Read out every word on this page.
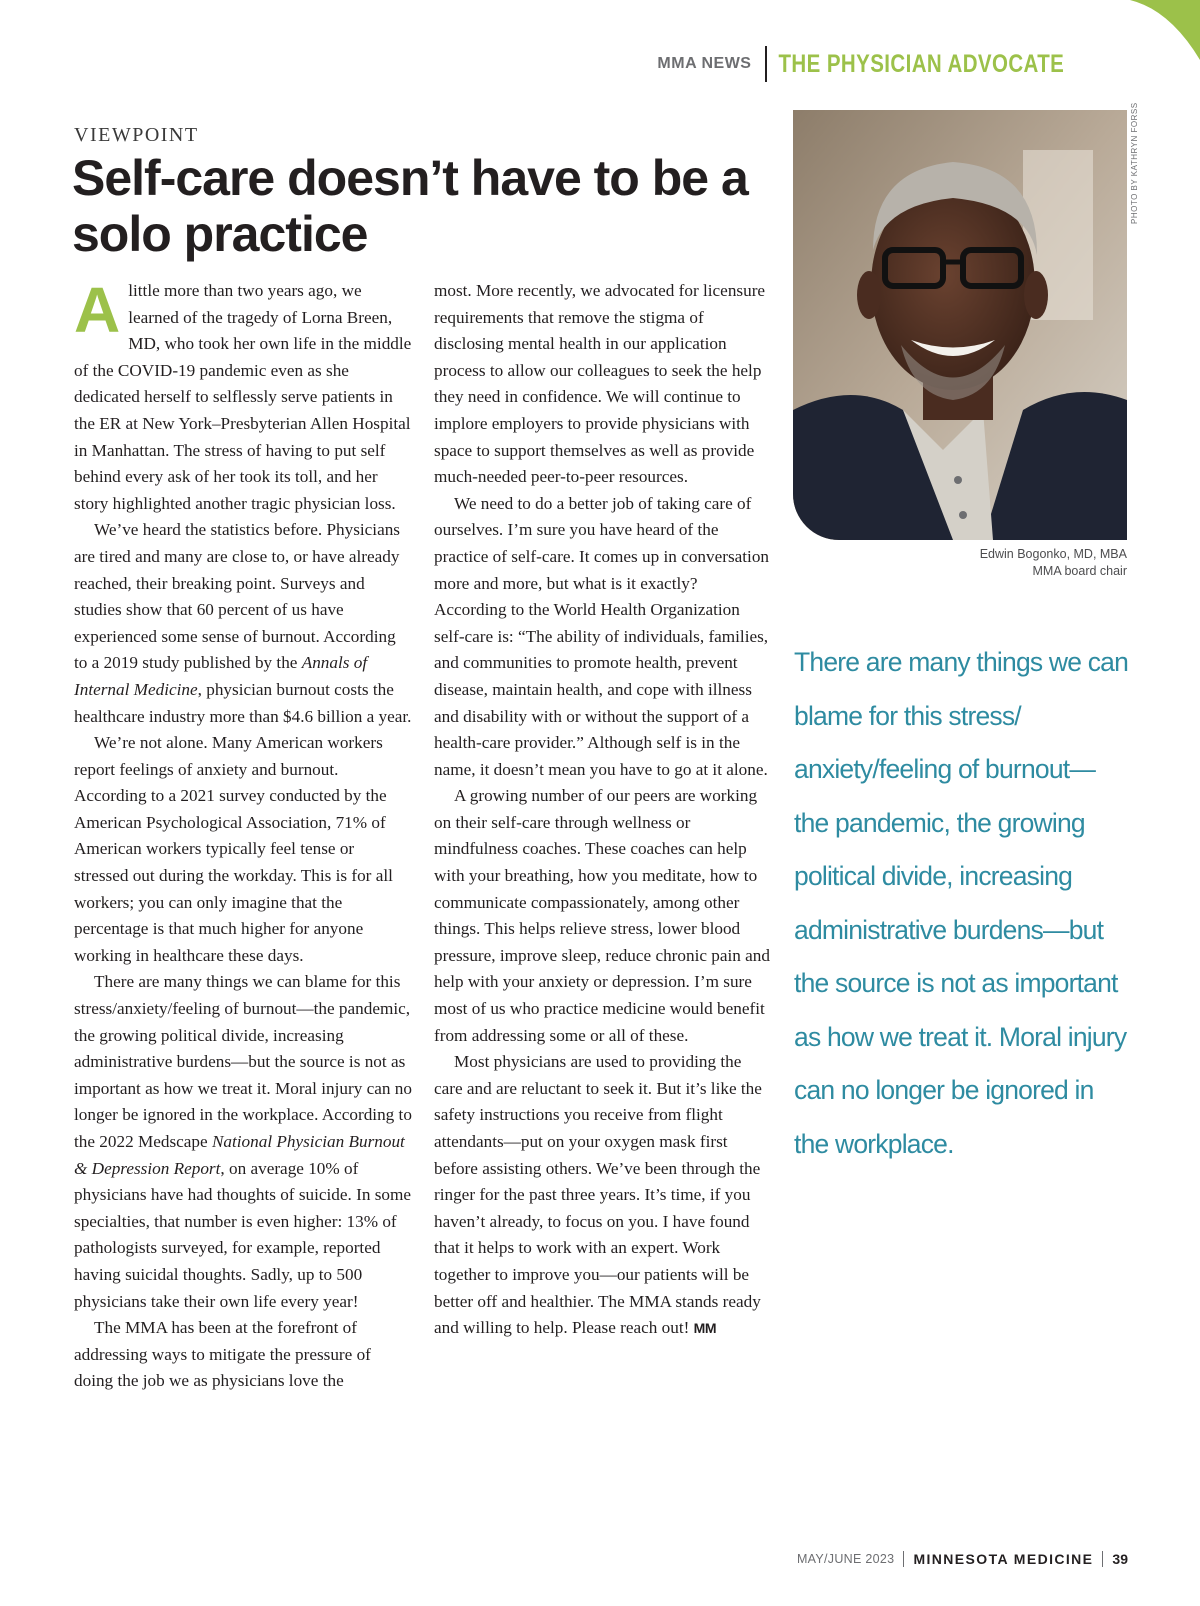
MMA NEWS	THE PHYSICIAN ADVOCATE
VIEWPOINT
Self-care doesn’t have to be a solo practice

Alittle more than two years ago, we learned of the tragedy of Lorna Breen, MD, who took her own life in the middle of the COVID-19 pandemic even as she dedicated herself to selflessly serve patients in the ER at New York–Presbyterian Allen Hospital in Manhattan. The stress of having to put self behind every ask of her took its toll, and her story highlighted another tragic physician loss.

We’ve heard the statistics before. Physicians are tired and many are close to, or have already reached, their breaking point. Surveys and studies show that 60 percent of us have experienced some sense of burnout. According to a 2019 study published by the Annals of Internal Medicine, physician burnout costs the healthcare industry more than $4.6 billion a year.

We’re not alone. Many American workers report feelings of anxiety and burnout. According to a 2021 survey conducted by the American Psychological Association, 71% of American workers typically feel tense or stressed out during the workday. This is for all workers; you can only imagine that the percentage is that much higher for anyone working in healthcare these days.

There are many things we can blame for this stress/anxiety/feeling of burnout—the pandemic, the growing political divide, increasing administrative burdens—but the source is not as important as how we treat it. Moral injury can no longer be ignored in the workplace. According to the 2022 Medscape National Physician Burnout & Depression Report, on average 10% of physicians have had thoughts of suicide. In some specialties, that number is even higher: 13% of pathologists surveyed, for example, reported having suicidal thoughts. Sadly, up to 500 physicians take their own life every year!

The MMA has been at the forefront of addressing ways to mitigate the pressure of doing the job we as physicians love the

most. More recently, we advocated for licensure requirements that remove the stigma of disclosing mental health in our application process to allow our colleagues to seek the help they need in confidence. We will continue to implore employers to provide physicians with space to support themselves as well as provide much-needed peer-to-peer resources.

We need to do a better job of taking care of ourselves. I’m sure you have heard of the practice of self-care. It comes up in conversation more and more, but what is it exactly? According to the World Health Organization self-care is: “The ability of individuals, families, and communities to promote health, prevent disease, maintain health, and cope with illness and disability with or without the support of a health-care provider.” Although self is in the name, it doesn’t mean you have to go at it alone.

A growing number of our peers are working on their self-care through wellness or mindfulness coaches. These coaches can help with your breathing, how you meditate, how to communicate compassionately, among other things. This helps relieve stress, lower blood pressure, improve sleep, reduce chronic pain and help with your anxiety or depression. I’m sure most of us who practice medicine would benefit from addressing some or all of these.

Most physicians are used to providing the care and are reluctant to seek it. But it’s like the safety instructions you receive from flight attendants—put on your oxygen mask first before assisting others. We’ve been through the ringer for the past three years. It’s time, if you haven’t already, to focus on you. I have found that it helps to work with an expert. Work together to improve you—our patients will be better off and healthier. The MMA stands ready and willing to help. Please reach out! MM

PHOTO BY KATHRYN FORSS
Edwin Bogonko, MD, MBA
MMA board chair

There are many things we can blame for this stress/ anxiety/feeling of burnout— the pandemic, the growing political divide, increasing administrative burdens—but the source is not as important as how we treat it. Moral injury can no longer be ignored in the workplace.

MAY/JUNE 2023 MINNESOTA MEDICINE 39
